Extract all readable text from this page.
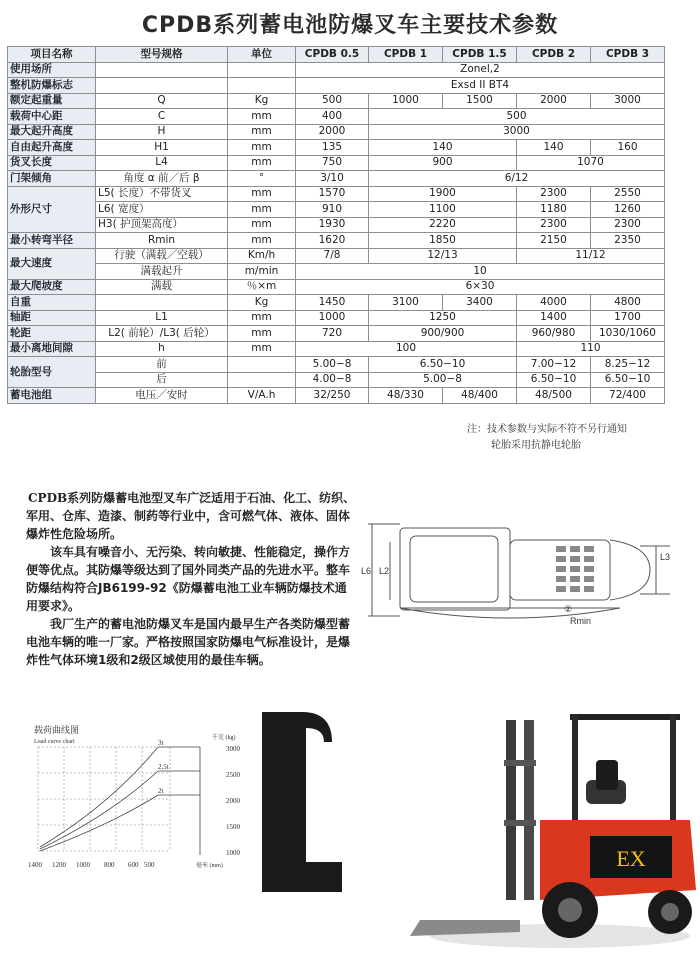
CPDB系列蓄电池防爆叉车主要技术参数
项目名称	型号规格	单位	CPDB 0.5	CPDB 1	CPDB 1.5	CPDB 2	CPDB 3
使用场所			Zonel,2				
整机防爆标志			Exsd II BT4				
额定起重量	Q	Kg	500	1000	1500	2000	3000
载荷中心距	C	mm	400	500			
最大起升高度	H	mm	2000	3000			
自由起升高度	H1	mm	135	140		140	160
货叉长度	L4	mm	750	900		1070	
门架倾角	角度 α 前／后 β	°	3/10	6/12			
外形尺寸	L5( 长度）不带货叉	mm	1570	1900		2300	2550
	L6( 宽度）	mm	910	1100		1180	1260
	H3( 护顶架高度）	mm	1930	2220		2300	2300
最小转弯半径	Rmin	mm	1620	1850		2150	2350
最大速度	行驶（满载／空载）	Km/h	7/8	12/13		11/12	
	满载起升	m/min	10				
最大爬坡度	满载	％×m	6×30				
自重		Kg	1450	3100	3400	4000	4800
轴距	L1	mm	1000	1250		1400	1700
轮距	L2( 前轮）/L3( 后轮）	mm	720	900/900		960/980	1030/1060
最小离地间隙	h	mm	100			110	
轮胎型号	前		5.00−8	6.50−10		7.00−12	8.25−12
	后		4.00−8	5.00−8		6.50−10	6.50−10
蓄电池组	电压／安时	V/A.h	32/250	48/330	48/400	48/500	72/400
注：技术参数与实际不符不另行通知
轮胎采用抗静电轮胎

CPDB系列防爆蓄电池型叉车广泛适用于石油、化工、纺织、军用、仓库、造漆、制药等行业中，含可燃气体、液体、固体爆炸性危险场所。

该车具有噪音小、无污染、转向敏捷、性能稳定，操作方便等优点。其防爆等级达到了国外同类产品的先进水平。整车防爆结构符合JB6199-92《防爆蓄电池工业车辆防爆技术通用要求》。

我厂生产的蓄电池防爆叉车是国内最早生产各类防爆型蓄电池车辆的唯一厂家。严格按照国家防爆电气标准设计，是爆炸性气体环境1级和2级区域使用的最佳车辆。

L6 L2
L3
②
Rmin
载荷曲线图
Load curve chart
千克 (kg)
3t
2.5t
2t
3000
2500
2000
1500
1000
1400 1200 1000 800 600 500	毫米 (mm)	EX
